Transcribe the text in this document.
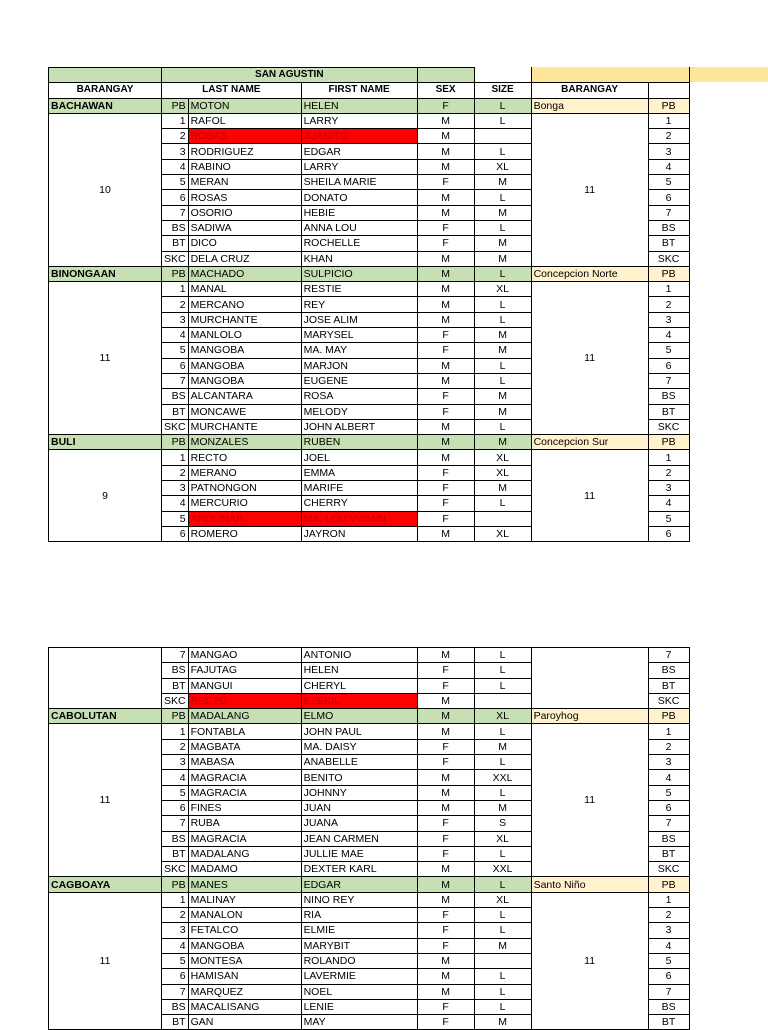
	SAN AGUSTIN						
BARANGAY	LAST NAME		FIRST NAME	SEX	SIZE	BARANGAY	
BACHAWAN	PB	MOTON	HELEN	F	L	Bonga	PB
10	1	RAFOL	LARRY	M	L	11	1
	2	ROSAS	JUANITO	M			2
	3	RODRIGUEZ	EDGAR	M	L		3
	4	RABINO	LARRY	M	XL		4
	5	MERAN	SHEILA MARIE	F	M		5
	6	ROSAS	DONATO	M	L		6
	7	OSORIO	HEBIE	M	M		7
	BS	SADIWA	ANNA LOU	F	L		BS
	BT	DICO	ROCHELLE	F	M		BT
	SKC	DELA CRUZ	KHAN	M	M		SKC
BINONGAAN	PB	MACHADO	SULPICIO	M	L	Concepcion Norte	PB
11	1	MANAL	RESTIE	M	XL	11	1
	2	MERCANO	REY	M	L		2
	3	MURCHANTE	JOSE ALIM	M	L		3
	4	MANLOLO	MARYSEL	F	M		4
	5	MANGOBA	MA. MAY	F	M		5
	6	MANGOBA	MARJON	M	L		6
	7	MANGOBA	EUGENE	M	L		7
	BS	ALCANTARA	ROSA	F	M		BS
	BT	MONCAWE	MELODY	F	M		BT
	SKC	MURCHANTE	JOHN ALBERT	M	L		SKC
BULI	PB	MONZALES	RUBEN	M	M	Concepcion Sur	PB
9	1	RECTO	JOEL	M	XL	11	1
	2	MERANO	EMMA	F	XL		2
	3	PATNONGON	MARIFE	F	M		3
	4	MERCURIO	CHERRY	F	L		4
	5	APOLINAR	MA. LOU VVIMIN	F			5
	6	ROMERO	JAYRON	M	XL		6
	7	MANGAO	ANTONIO	M	L		7
	BS	FAJUTAG	HELEN	F	L		BS
	BT	MANGUI	CHERYL	F	L		BT
	SKC	RECTO	EZEKIL	M			SKC
CABOLUTAN	PB	MADALANG	ELMO	M	XL	Paroyhog	PB
11	1	FONTABLA	JOHN PAUL	M	L	11	1
	2	MAGBATA	MA. DAISY	F	M		2
	3	MABASA	ANABELLE	F	L		3
	4	MAGRACIA	BENITO	M	XXL		4
	5	MAGRACIA	JOHNNY	M	L		5
	6	FINES	JUAN	M	M		6
	7	RUBA	JUANA	F	S		7
	BS	MAGRACIA	JEAN CARMEN	F	XL		BS
	BT	MADALANG	JULLIE MAE	F	L		BT
	SKC	MADAMO	DEXTER KARL	M	XXL		SKC
CAGBOAYA	PB	MANES	EDGAR	M	L	Santo Niño	PB
11	1	MALINAY	NINO REY	M	XL	11	1
	2	MANALON	RIA	F	L		2
	3	FETALCO	ELMIE	F	L		3
	4	MANGOBA	MARYBIT	F	M		4
	5	MONTESA	ROLANDO	M			5
	6	HAMISAN	LAVERMIE	M	L		6
	7	MARQUEZ	NOEL	M	L		7
	BS	MACALISANG	LENIE	F	L		BS
	BT	GAN	MAY	F	M		BT
